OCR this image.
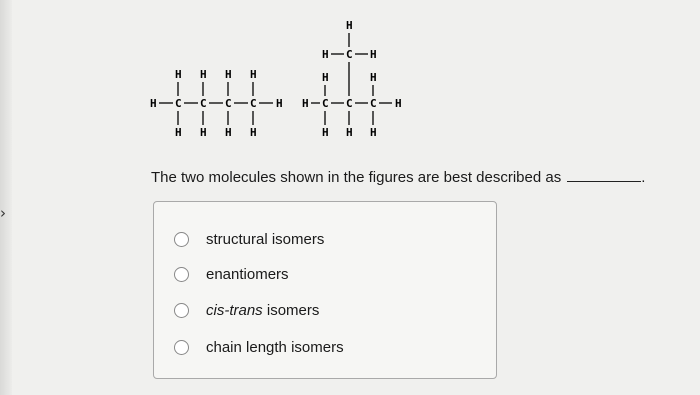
›
H H H H
H C C C C H
H H H H
H
H C H
H	H
H C C C H
H H H
The two molecules shown in the figures are best described as	.
structural isomers
enantiomers
cis-trans isomers
chain length isomers
